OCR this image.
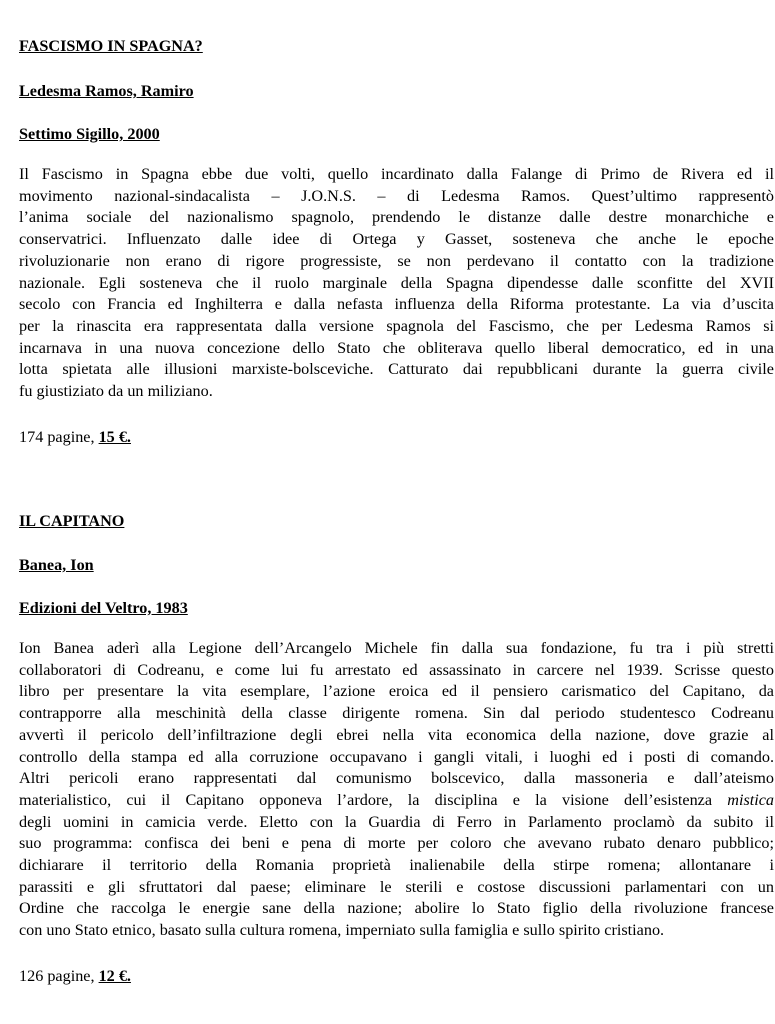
FASCISMO IN SPAGNA?
Ledesma Ramos, Ramiro
Settimo Sigillo, 2000
Il Fascismo in Spagna ebbe due volti, quello incardinato dalla Falange di Primo de Rivera ed il
movimento nazional-sindacalista – J.O.N.S. – di Ledesma Ramos. Quest’ultimo rappresentò
l’anima sociale del nazionalismo spagnolo, prendendo le distanze dalle destre monarchiche e
conservatrici. Influenzato dalle idee di Ortega y Gasset, sosteneva che anche le epoche
rivoluzionarie non erano di rigore progressiste, se non perdevano il contatto con la tradizione
nazionale. Egli sosteneva che il ruolo marginale della Spagna dipendesse dalle sconfitte del XVII
secolo con Francia ed Inghilterra e dalla nefasta influenza della Riforma protestante. La via d’uscita
per la rinascita era rappresentata dalla versione spagnola del Fascismo, che per Ledesma Ramos si
incarnava in una nuova concezione dello Stato che obliterava quello liberal democratico, ed in una
lotta spietata alle illusioni marxiste-bolsceviche. Catturato dai repubblicani durante la guerra civile
fu giustiziato da un miliziano.
174 pagine, 15 €.
IL CAPITANO
Banea, Ion
Edizioni del Veltro, 1983
Ion Banea aderì alla Legione dell’Arcangelo Michele fin dalla sua fondazione, fu tra i più stretti
collaboratori di Codreanu, e come lui fu arrestato ed assassinato in carcere nel 1939. Scrisse questo
libro per presentare la vita esemplare, l’azione eroica ed il pensiero carismatico del Capitano, da
contrapporre alla meschinità della classe dirigente romena. Sin dal periodo studentesco Codreanu
avvertì il pericolo dell’infiltrazione degli ebrei nella vita economica della nazione, dove grazie al
controllo della stampa ed alla corruzione occupavano i gangli vitali, i luoghi ed i posti di comando.
Altri pericoli erano rappresentati dal comunismo bolscevico, dalla massoneria e dall’ateismo
materialistico, cui il Capitano opponeva l’ardore, la disciplina e la visione dell’esistenza mistica
degli uomini in camicia verde. Eletto con la Guardia di Ferro in Parlamento proclamò da subito il
suo programma: confisca dei beni e pena di morte per coloro che avevano rubato denaro pubblico;
dichiarare il territorio della Romania proprietà inalienabile della stirpe romena; allontanare i
parassiti e gli sfruttatori dal paese; eliminare le sterili e costose discussioni parlamentari con un
Ordine che raccolga le energie sane della nazione; abolire lo Stato figlio della rivoluzione francese
con uno Stato etnico, basato sulla cultura romena, imperniato sulla famiglia e sullo spirito cristiano.
126 pagine, 12 €.
